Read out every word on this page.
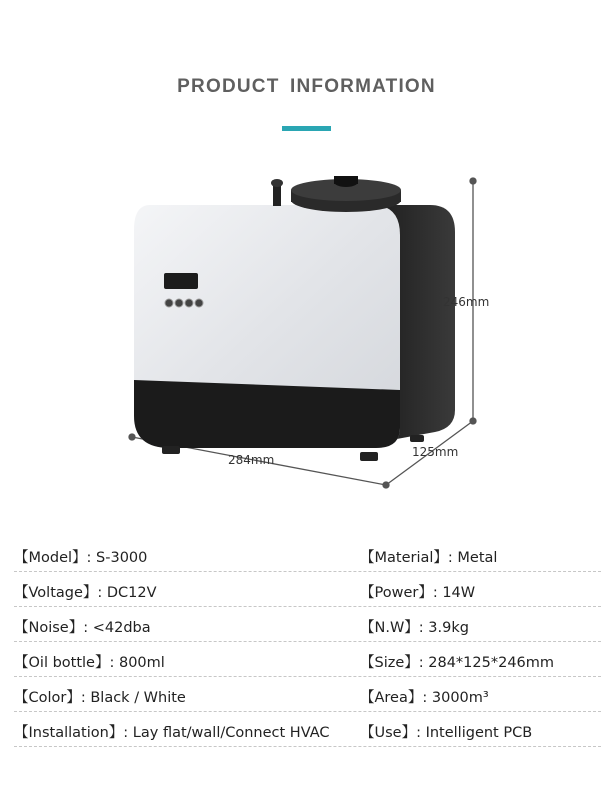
PRODUCT INFORMATION
246mm
284mm
125mm
【Model】: S-3000	【Material】: Metal
【Voltage】: DC12V	【Power】: 14W
【Noise】: <42dba	【N.W】: 3.9kg
【Oil bottle】: 800ml	【Size】: 284*125*246mm
【Color】: Black / White	【Area】: 3000m³
【Installation】: Lay flat/wall/Connect HVAC 【Use】: Intelligent PCB
